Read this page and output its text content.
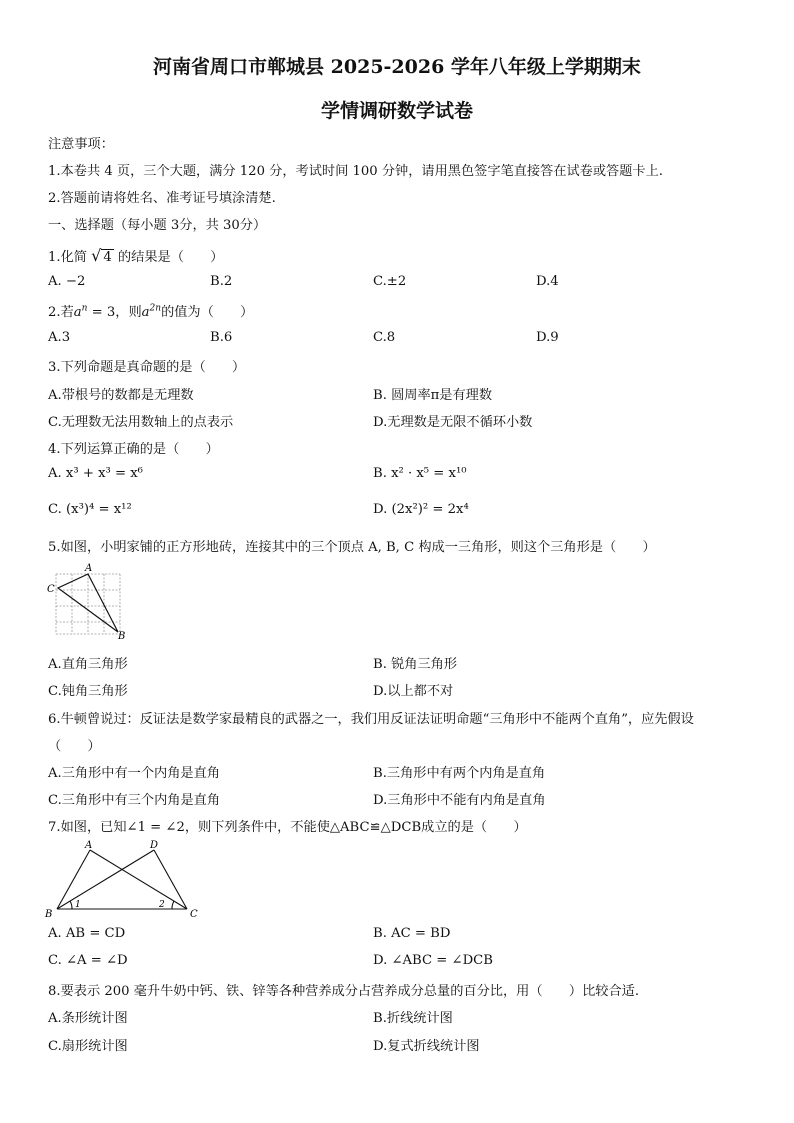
河南省周口市郸城县 2025-2026 学年八年级上学期期末
学情调研数学试卷
注意事项：
1.本卷共 4 页，三个大题，满分 120 分，考试时间 100 分钟，请用黑色签字笔直接答在试卷或答题卡上.
2.答题前请将姓名、准考证号填涂清楚.
一、选择题（每小题 3分，共 30分）
1.化简 √ 4 的结果是（　　）
A. −2	B.2	C.±2	D.4
2.若$a^n = 3$，则$a^{2n}$的值为（　　）
A.3	B.6	C.8	D.9
3.下列命题是真命题的是（　　）
A.带根号的数都是无理数	B. 圆周率π是有理数
C.无理数无法用数轴上的点表示	D.无理数是无限不循环小数
4.下列运算正确的是（　　）
A. x³ + x³ = x⁶	B. x² · x⁵ = x¹⁰
C. (x³)⁴ = x¹²	D. (2x²)² = 2x⁴
5.如图，小明家铺的正方形地砖，连接其中的三个顶点 A, B, C 构成一三角形，则这个三角形是（　　）
A
C
B
A.直角三角形	B. 锐角三角形
C.钝角三角形	D.以上都不对
6.牛顿曾说过：反证法是数学家最精良的武器之一，我们用反证法证明命题“三角形中不能两个直角”，应先假设
（　　）
A.三角形中有一个内角是直角	B.三角形中有两个内角是直角
C.三角形中有三个内角是直角	D.三角形中不能有内角是直角
7.如图，已知∠1 = ∠2，则下列条件中，不能使△ABC≌△DCB成立的是（　　）
A	D
B	C
1	2
A. AB = CD	B. AC = BD
C. ∠A = ∠D	D. ∠ABC = ∠DCB
8.要表示 200 毫升牛奶中钙、铁、锌等各种营养成分占营养成分总量的百分比，用（　　）比较合适.
A.条形统计图	B.折线统计图
C.扇形统计图	D.复式折线统计图
